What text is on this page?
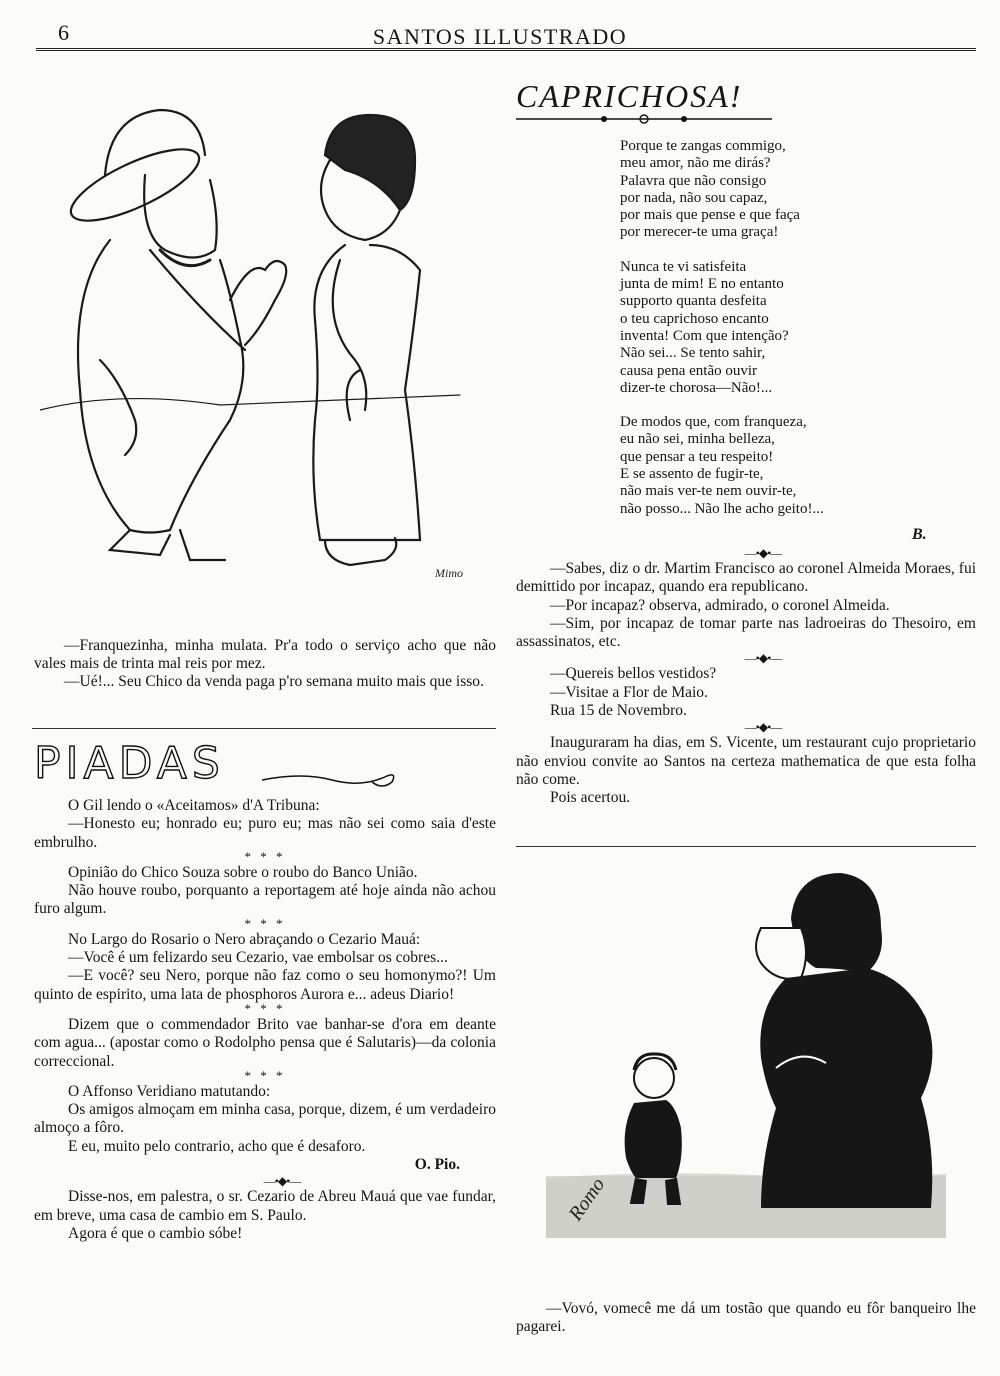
6	SANTOS ILLUSTRADO
Mimo

—Franquezinha, minha mulata. Pr'a todo o serviço acho que não vales mais de trinta mal reis por mez.

—Ué!... Seu Chico da venda paga p'ro semana muito mais que isso.

PIADAS

O Gil lendo o «Aceitamos» d'A Tribuna:

—Honesto eu; honrado eu; puro eu; mas não sei como saia d'este embrulho.

* * *

Opinião do Chico Souza sobre o roubo do Banco União.

Não houve roubo, porquanto a reportagem até hoje ainda não achou furo algum.

* * *

No Largo do Rosario o Nero abraçando o Cezario Mauá:

—Você é um felizardo seu Cezario, vae embolsar os cobres...

—E você? seu Nero, porque não faz como o seu homonymo?! Um quinto de espirito, uma lata de phosphoros Aurora e... adeus Diario!

* * *

Dizem que o commendador Brito vae banhar-se d'ora em deante com agua... (apostar como o Rodolpho pensa que é Salutaris)—da colonia correccional.

* * *

O Affonso Veridiano matutando:

Os amigos almoçam em minha casa, porque, dizem, é um verdadeiro almoço a fôro.

E eu, muito pelo contrario, acho que é desaforo.

O. Pio.

—•◆•—

Disse-nos, em palestra, o sr. Cezario de Abreu Mauá que vae fundar, em breve, uma casa de cambio em S. Paulo.

Agora é que o cambio sóbe!

CAPRICHOSA!
Porque te zangas commigo,
meu amor, não me dirás?
Palavra que não consigo
por nada, não sou capaz,
por mais que pense e que faça
por merecer-te uma graça!
Nunca te vi satisfeita
junta de mim! E no entanto
supporto quanta desfeita
o teu caprichoso encanto
inventa! Com que intenção?
Não sei... Se tento sahir,
causa pena então ouvir
dizer-te chorosa—Não!...
De modos que, com franqueza,
eu não sei, minha belleza,
que pensar a teu respeito!
E se assento de fugir-te,
não mais ver-te nem ouvir-te,
não posso... Não lhe acho geito!...
B.

—•◆•—

—Sabes, diz o dr. Martim Francisco ao coronel Almeida Moraes, fui demittido por incapaz, quando era republicano.

—Por incapaz? observa, admirado, o coronel Almeida.

—Sim, por incapaz de tomar parte nas ladroeiras do Thesoiro, em assassinatos, etc.

—•◆•—

—Quereis bellos vestidos?

—Visitae a Flor de Maio.

Rua 15 de Novembro.

—•◆•—

Inauguraram ha dias, em S. Vicente, um restaurant cujo proprietario não enviou convite ao Santos na certeza mathematica de que esta folha não come.

Pois acertou.

Romo

—Vovó, vomecê me dá um tostão que quando eu fôr banqueiro lhe pagarei.
